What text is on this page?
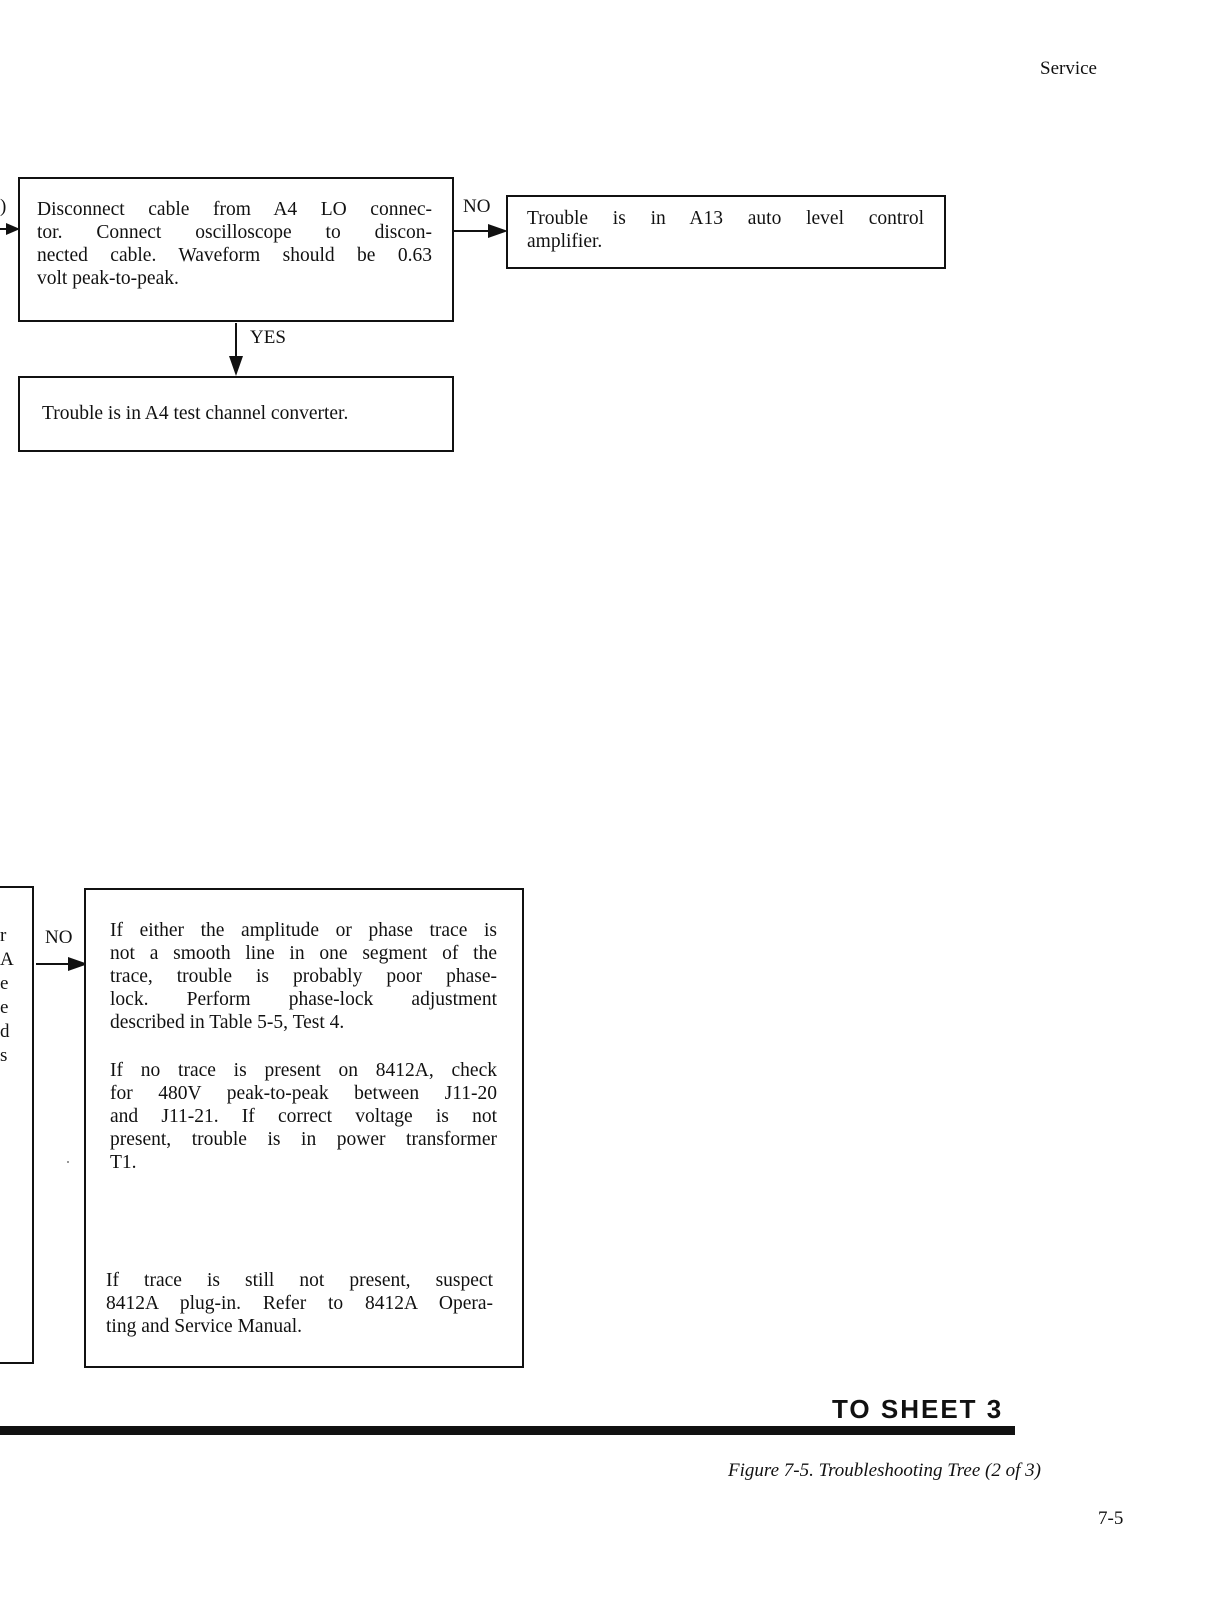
Service
)
r
A
e
e
d
s
Disconnect cable from A4 LO connec-
tor. Connect oscilloscope to discon-
nected cable. Waveform should be 0.63
volt peak-to-peak.
NO
Trouble is in A13 auto level control
amplifier.
YES
Trouble is in A4 test channel converter.
NO If either the amplitude or phase trace is
not a smooth line in one segment of the
trace, trouble is probably poor phase-
lock. Perform phase-lock adjustment
described in Table 5-5, Test 4.
If no trace is present on 8412A, check
for 480V peak-to-peak between J11-20
and J11-21. If correct voltage is not
present, trouble is in power transformer
T1.
If trace is still not present, suspect
8412A plug-in. Refer to 8412A Opera-
ting and Service Manual.
TO SHEET 3
Figure 7-5. Troubleshooting Tree (2 of 3)
7-5
